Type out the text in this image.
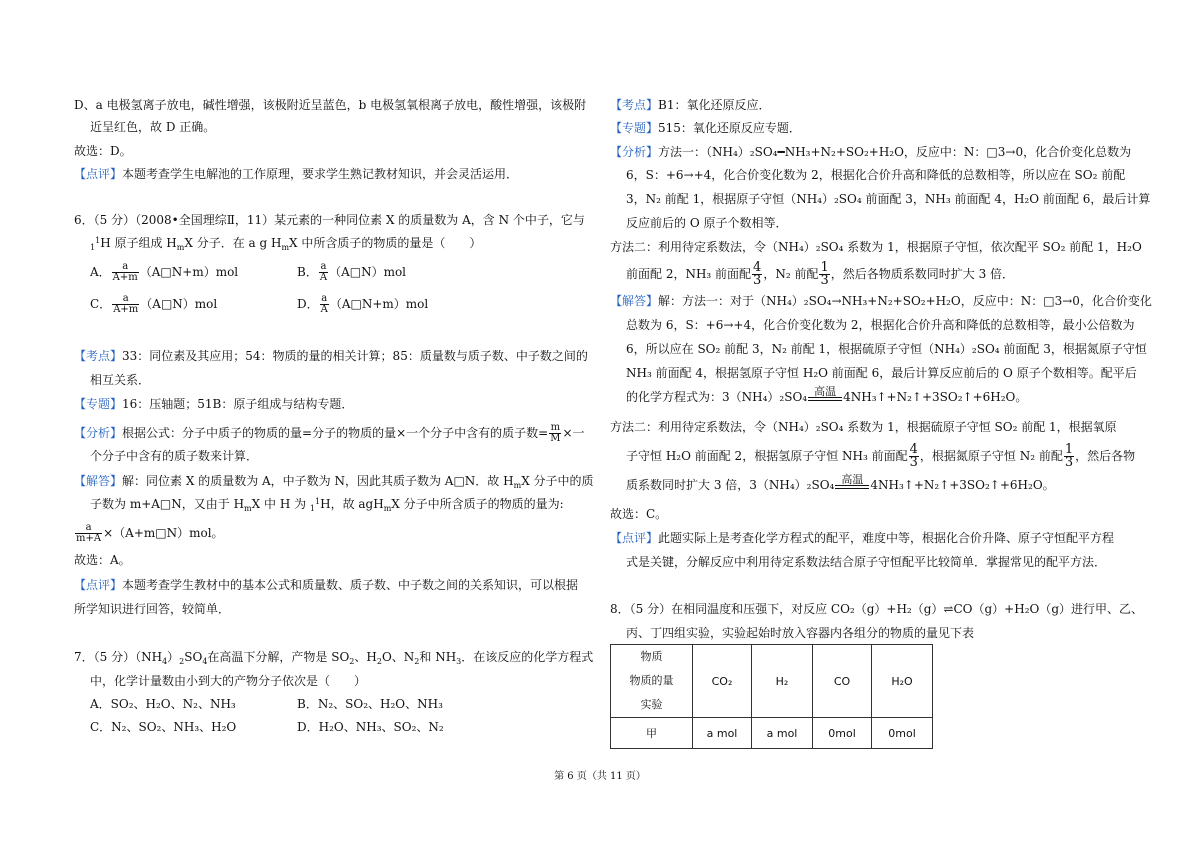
D、a 电极氢离子放电，碱性增强，该极附近呈蓝色，b 电极氢氧根离子放电，酸性增强，该极附
近呈红色，故 D 正确。
故选：D。
【点评】本题考查学生电解池的工作原理，要求学生熟记教材知识，并会灵活运用．
6．（5 分）（2008•全国理综Ⅱ，11）某元素的一种同位素 X 的质量数为 A，含 N 个中子，它与
$_1^1$H 原子组成 $H_mX$ 分子．在 a g $H_mX$ 中所含质子的物质的量是（　　）
A． $\frac{a}{A+m}$ （A□N+m）mol	B． $\frac{a}{A}$ （A□N）mol
C． $\frac{a}{A+m}$ （A□N）mol	D． $\frac{a}{A}$ （A□N+m）mol
【考点】33：同位素及其应用；54：物质的量的相关计算；85：质量数与质子数、中子数之间的
相互关系．
【专题】16：压轴题；51B：原子组成与结构专题．
【分析】根据公式：分子中质子的物质的量=分子的物质的量×一个分子中含有的质子数= $\frac{m}{M}$ ×一
个分子中含有的质子数来计算．
【解答】解：同位素 X 的质量数为 A，中子数为 N，因此其质子数为 A□N．故 $H_mX$ 分子中的质
子数为 m+A□N，又由于 $H_mX$ 中 H 为 $_1^1$H，故 agH$_m$X 分子中所含质子的物质的量为:
$\frac{a}{m+A}$ ×（A+m□N）mol。
故选：A。
【点评】本题考查学生教材中的基本公式和质量数、质子数、中子数之间的关系知识，可以根据
所学知识进行回答，较简单．
7．（5 分）$(NH_4)_2SO_4$在高温下分解，产物是 $SO_2$、$H_2O$、$N_2$和 $NH_3$．在该反应的化学方程式
中，化学计量数由小到大的产物分子依次是（　　）
A．SO₂、H₂O、N₂、NH₃	B．N₂、SO₂、H₂O、NH₃
C．N₂、SO₂、NH₃、H₂O	D．H₂O、NH₃、SO₂、N₂
【考点】B1：氧化还原反应．
【专题】515：氧化还原反应专题．
【分析】方法一：（NH₄）₂SO₄━NH₃+N₂+SO₂+H₂O，反应中：N：□3→0，化合价变化总数为
6，S：+6→+4，化合价变化数为 2，根据化合价升高和降低的总数相等，所以应在 SO₂ 前配
3，N₂ 前配 1，根据原子守恒（NH₄）₂SO₄ 前面配 3，NH₃ 前面配 4，H₂O 前面配 6，最后计算
反应前后的 O 原子个数相等．
方法二：利用待定系数法，令（NH₄）₂SO₄ 系数为 1，根据原子守恒，依次配平 SO₂ 前配 1，H₂O
前面配 2，NH₃ 前面配 $\frac{4}{3}$ ，N₂ 前配 $\frac{1}{3}$ ，然后各物质系数同时扩大 3 倍．
【解答】解：方法一：对于（NH₄）₂SO₄→NH₃+N₂+SO₂+H₂O，反应中：N：□3→0，化合价变化
总数为 6，S：+6→+4，化合价变化数为 2，根据化合价升高和降低的总数相等，最小公倍数为
6，所以应在 SO₂ 前配 3，N₂ 前配 1，根据硫原子守恒（NH₄）₂SO₄ 前面配 3，根据氮原子守恒
NH₃ 前面配 4，根据氢原子守恒 H₂O 前面配 6，最后计算反应前后的 O 原子个数相等。配平后
的化学方程式为：3（NH₄）₂SO₄ 高温 4NH₃↑+N₂↑+3SO₂↑+6H₂O。
方法二：利用待定系数法，令（NH₄）₂SO₄ 系数为 1，根据硫原子守恒 SO₂ 前配 1，根据氧原
子守恒 H₂O 前面配 2，根据氢原子守恒 NH₃ 前面配 $\frac{4}{3}$ ，根据氮原子守恒 N₂ 前配 $\frac{1}{3}$ ，然后各物
质系数同时扩大 3 倍，3（NH₄）₂SO₄ 高温 4NH₃↑+N₂↑+3SO₂↑+6H₂O。
故选：C。
【点评】此题实际上是考查化学方程式的配平，难度中等，根据化合价升降、原子守恒配平方程
式是关键，分解反应中利用待定系数法结合原子守恒配平比较简单．掌握常见的配平方法．
8．（5 分）在相同温度和压强下，对反应 CO₂（g）+H₂（g）⇌CO（g）+H₂O（g）进行甲、乙、
丙、丁四组实验，实验起始时放入容器内各组分的物质的量见下表
物质
物质的量
实验	CO₂	H₂	CO	H₂O
甲	a mol	a mol	0mol	0mol
第 6 页（共 11 页）
